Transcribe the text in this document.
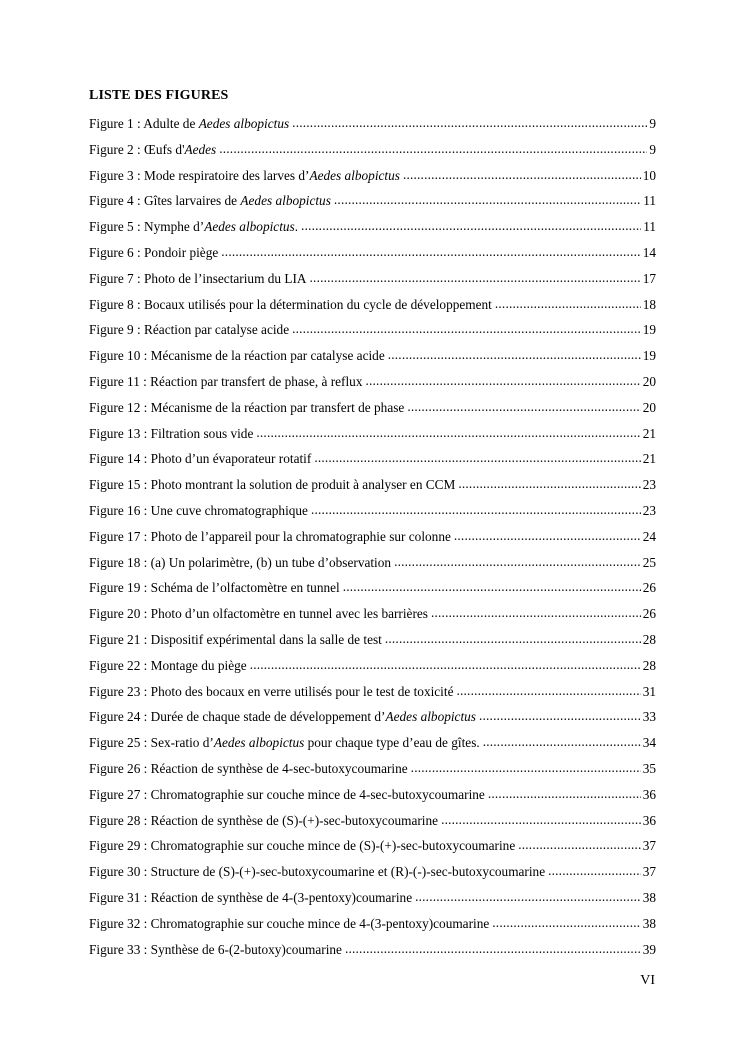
LISTE DES FIGURES
Figure 1 : Adulte de Aedes albopictus .....	9
Figure 2 : Œufs d'Aedes .....	9
Figure 3 : Mode respiratoire des larves d’Aedes albopictus .....	10
Figure 4 : Gîtes larvaires de Aedes albopictus .....	11
Figure 5 : Nymphe d’Aedes albopictus. .....	11
Figure 6 : Pondoir piège .....	14
Figure 7 : Photo de l’insectarium du LIA .....	17
Figure 8 : Bocaux utilisés pour la détermination du cycle de développement .....	18
Figure 9 : Réaction par catalyse acide .....	19
Figure 10 : Mécanisme de la réaction par catalyse acide .....	19
Figure 11 : Réaction par transfert de phase, à reflux .....	20
Figure 12 : Mécanisme de la réaction par transfert de phase .....	20
Figure 13 : Filtration sous vide .....	21
Figure 14 : Photo d’un évaporateur rotatif .....	21
Figure 15 : Photo montrant la solution de produit à analyser en CCM .....	23
Figure 16 : Une cuve chromatographique .....	23
Figure 17 : Photo de l’appareil pour la chromatographie sur colonne .....	24
Figure 18 : (a) Un polarimètre, (b) un tube d’observation .....	25
Figure 19 : Schéma de l’olfactomètre en tunnel .....	26
Figure 20 : Photo d’un olfactomètre en tunnel avec les barrières .....	26
Figure 21 : Dispositif expérimental dans la salle de test .....	28
Figure 22 : Montage du piège .....	28
Figure 23 : Photo des bocaux en verre utilisés pour le test de toxicité .....	31
Figure 24 : Durée de chaque stade de développement d’Aedes albopictus .....	33
Figure 25 : Sex-ratio d’Aedes albopictus pour chaque type d’eau de gîtes. .....	34
Figure 26 : Réaction de synthèse de 4-sec-butoxycoumarine .....	35
Figure 27 : Chromatographie sur couche mince de 4-sec-butoxycoumarine .....	36
Figure 28 : Réaction de synthèse de (S)-(+)-sec-butoxycoumarine .....	36
Figure 29 : Chromatographie sur couche mince de (S)-(+)-sec-butoxycoumarine .....	37
Figure 30 : Structure de (S)-(+)-sec-butoxycoumarine et (R)-(-)-sec-butoxycoumarine .....	37
Figure 31 : Réaction de synthèse de 4-(3-pentoxy)coumarine .....	38
Figure 32 : Chromatographie sur couche mince de 4-(3-pentoxy)coumarine .....	38
Figure 33 : Synthèse de 6-(2-butoxy)coumarine .....	39
VI
